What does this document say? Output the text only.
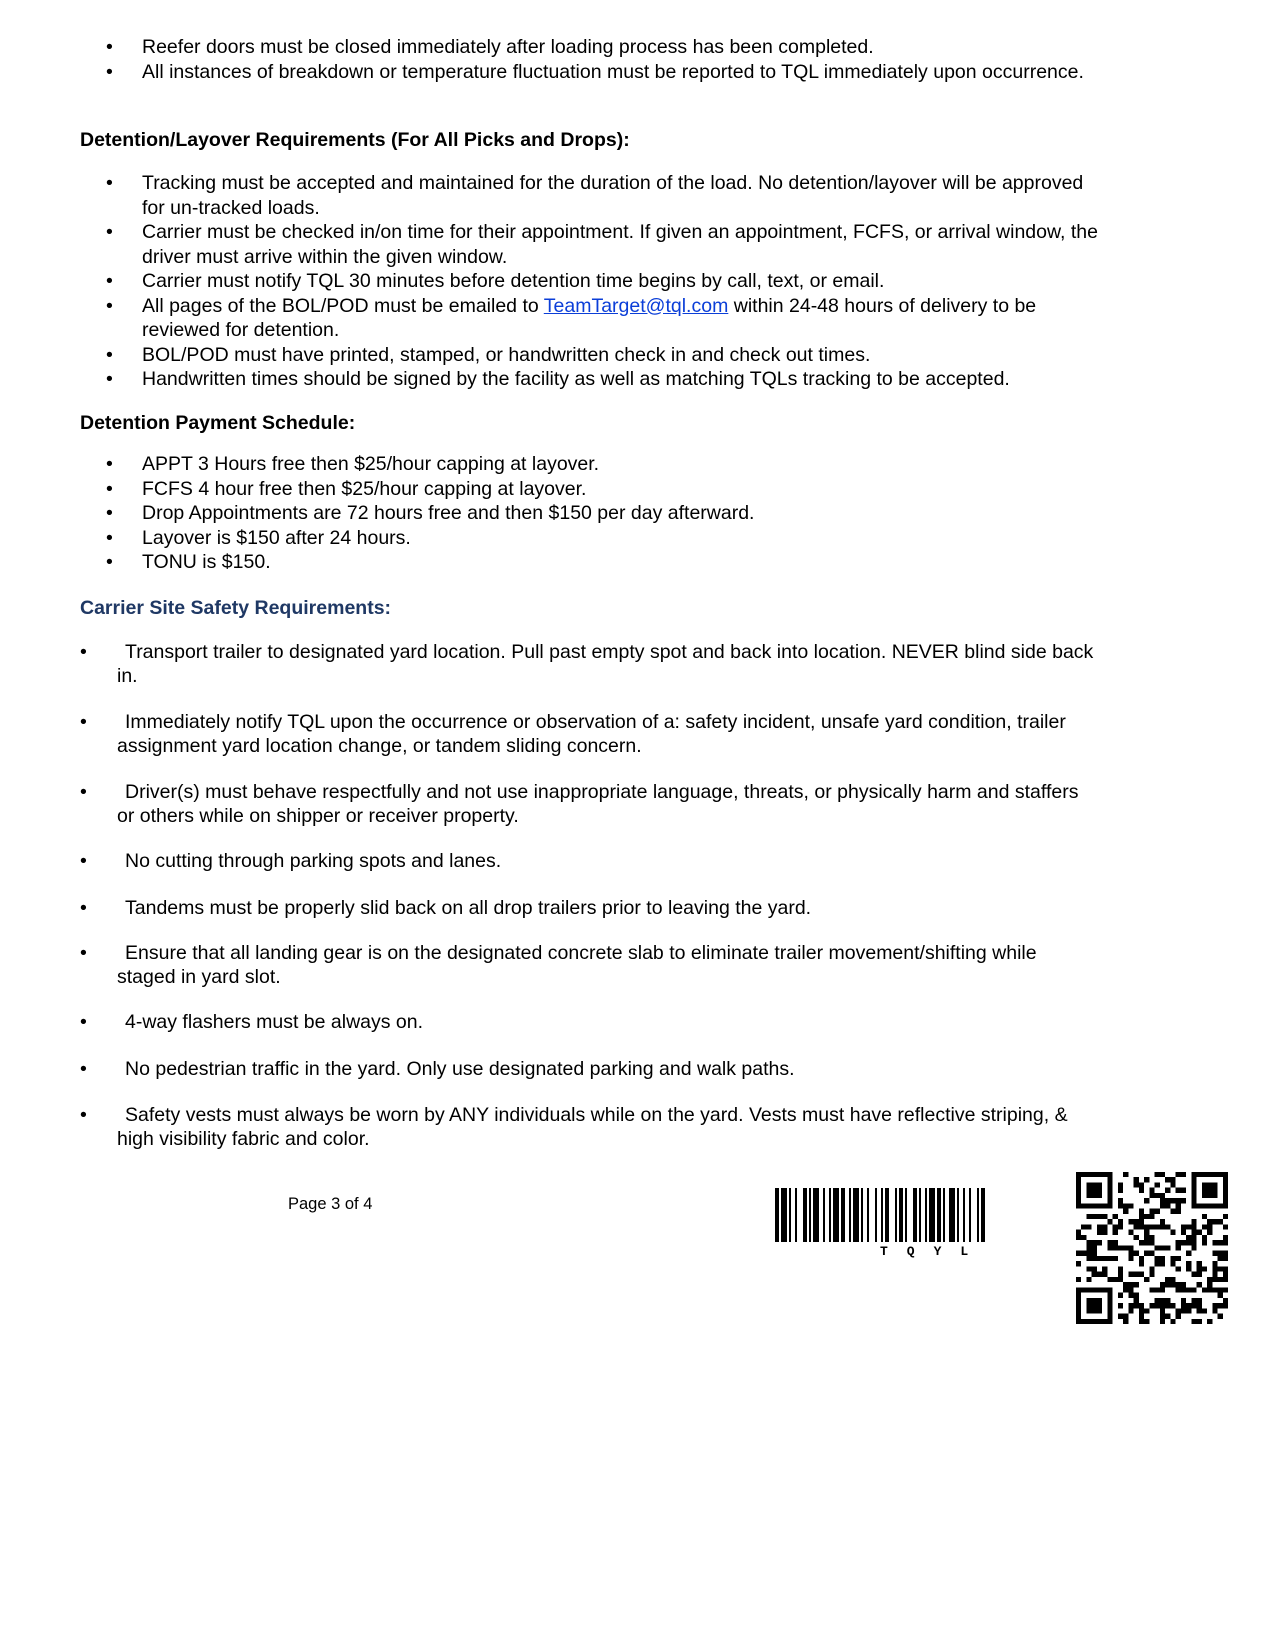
• Reefer doors must be closed immediately after loading process has been completed.
• All instances of breakdown or temperature fluctuation must be reported to TQL immediately upon occurrence.
Detention/Layover Requirements (For All Picks and Drops):
• Tracking must be accepted and maintained for the duration of the load. No detention/layover will be approved for un-tracked loads.
• Carrier must be checked in/on time for their appointment. If given an appointment, FCFS, or arrival window, the driver must arrive within the given window.
• Carrier must notify TQL 30 minutes before detention time begins by call, text, or email.
• All pages of the BOL/POD must be emailed to TeamTarget@tql.com within 24-48 hours of delivery to be reviewed for detention.
• BOL/POD must have printed, stamped, or handwritten check in and check out times.
• Handwritten times should be signed by the facility as well as matching TQLs tracking to be accepted.
Detention Payment Schedule:
• APPT 3 Hours free then $25/hour capping at layover.
• FCFS 4 hour free then $25/hour capping at layover.
• Drop Appointments are 72 hours free and then $150 per day afterward.
• Layover is $150 after 24 hours.
• TONU is $150.
Carrier Site Safety Requirements:
•	Transport trailer to designated yard location. Pull past empty spot and back into location. NEVER blind side back in.
•	Immediately notify TQL upon the occurrence or observation of a: safety incident, unsafe yard condition, trailer assignment yard location change, or tandem sliding concern.
•	Driver(s) must behave respectfully and not use inappropriate language, threats, or physically harm and staffers or others while on shipper or receiver property.
•	No cutting through parking spots and lanes.
•	Tandems must be properly slid back on all drop trailers prior to leaving the yard.
•	Ensure that all landing gear is on the designated concrete slab to eliminate trailer movement/shifting while staged in yard slot.
•	4-way flashers must be always on.
•	No pedestrian traffic in the yard. Only use designated parking and walk paths.
•	Safety vests must always be worn by ANY individuals while on the yard. Vests must have reflective striping, & high visibility fabric and color.
Page 3 of 4
TQYL
